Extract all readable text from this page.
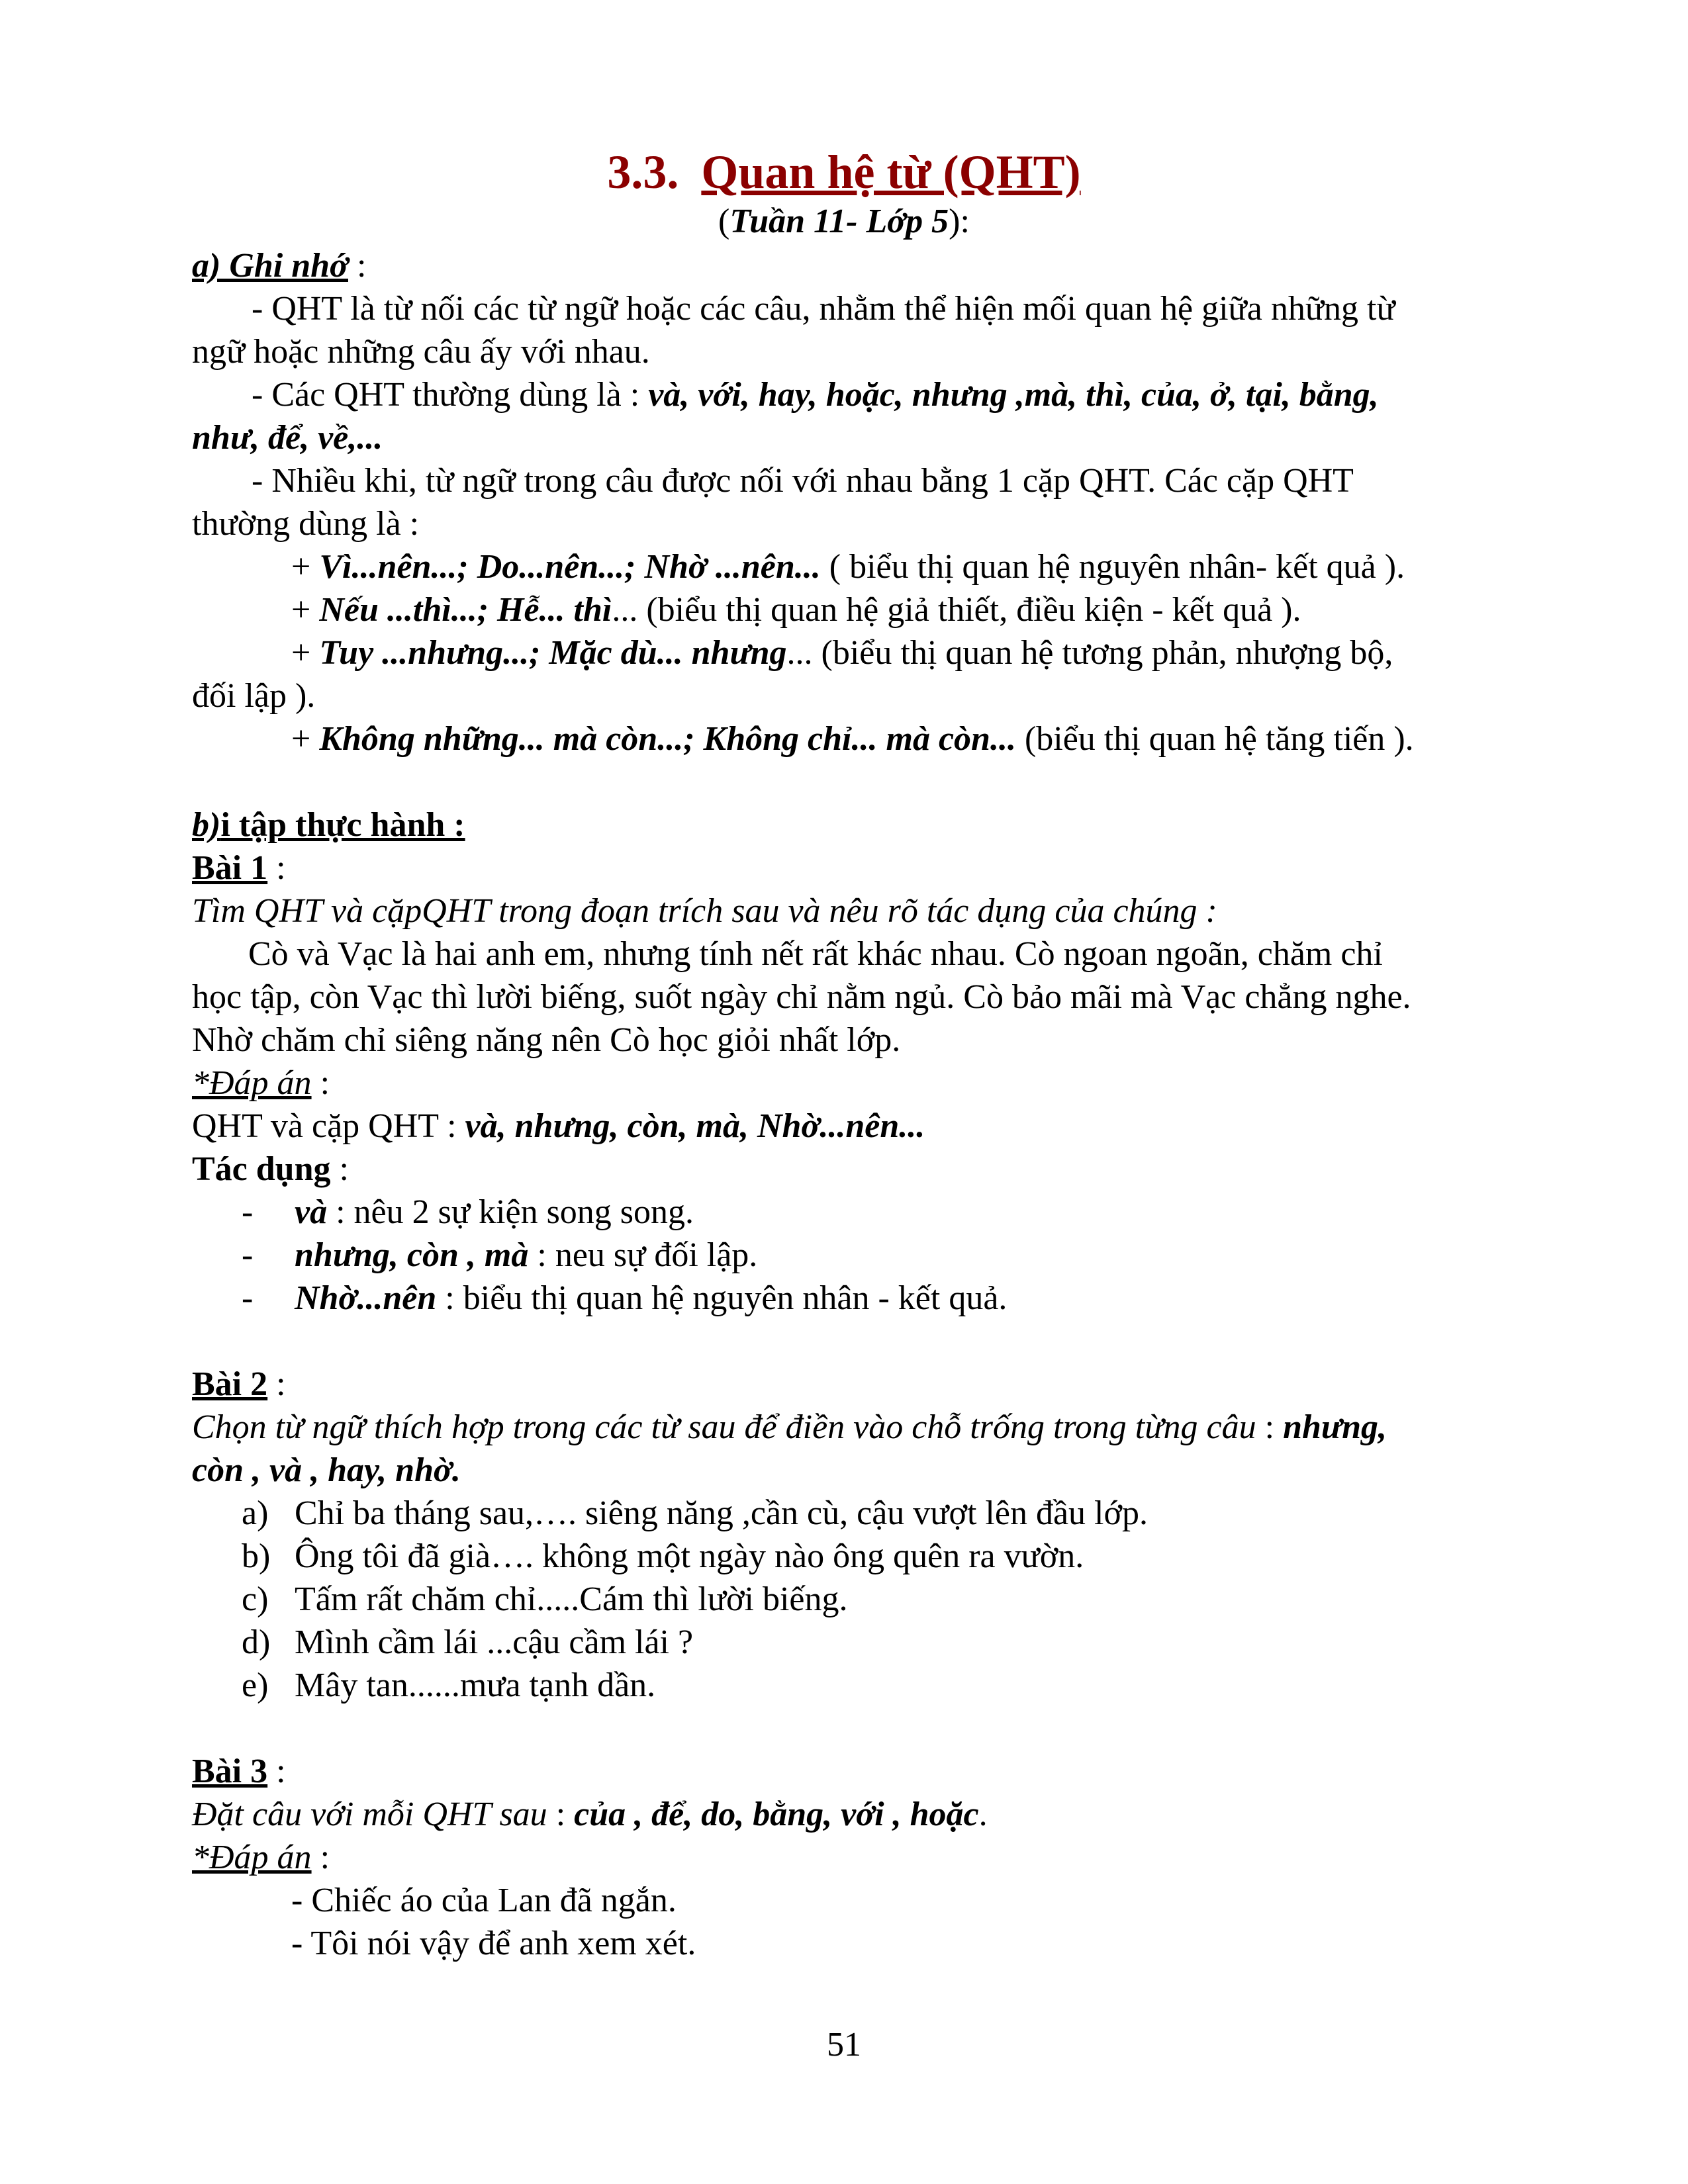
3.3. Quan hệ từ (QHT)
(Tuần 11- Lớp 5):
a) Ghi nhớ :
- QHT là từ nối các từ ngữ hoặc các câu, nhằm thể hiện mối quan hệ giữa những từ
ngữ hoặc những câu ấy với nhau.
- Các QHT thường dùng là : và, với, hay, hoặc, nhưng ,mà, thì, của, ở, tại, bằng,
như, để, về,...
- Nhiều khi, từ ngữ trong câu được nối với nhau bằng 1 cặp QHT. Các cặp QHT
thường dùng là :
+ Vì...nên...; Do...nên...; Nhờ ...nên... ( biểu thị quan hệ nguyên nhân- kết quả ).
+ Nếu ...thì...; Hễ... thì... (biểu thị quan hệ giả thiết, điều kiện - kết quả ).
+ Tuy ...nhưng...; Mặc dù... nhưng... (biểu thị quan hệ tương phản, nhượng bộ,
đối lập ).
+ Không những... mà còn...; Không chỉ... mà còn... (biểu thị quan hệ tăng tiến ).
b)i tập thực hành :
Bài 1 :
Tìm QHT và cặpQHT trong đoạn trích sau và nêu rõ tác dụng của chúng :
Cò và Vạc là hai anh em, nhưng tính nết rất khác nhau. Cò ngoan ngoãn, chăm chỉ
học tập, còn Vạc thì lười biếng, suốt ngày chỉ nằm ngủ. Cò bảo mãi mà Vạc chẳng nghe.
Nhờ chăm chỉ siêng năng nên Cò học giỏi nhất lớp.
*Đáp án :
QHT và cặp QHT : và, nhưng, còn, mà, Nhờ...nên...
Tác dụng :
- và : nêu 2 sự kiện song song.
- nhưng, còn , mà : neu sự đối lập.
- Nhờ...nên : biểu thị quan hệ nguyên nhân - kết quả.
Bài 2 :
Chọn từ ngữ thích hợp trong các từ sau để điền vào chỗ trống trong từng câu : nhưng,
còn , và , hay, nhờ.
a) Chỉ ba tháng sau,…. siêng năng ,cần cù, cậu vượt lên đầu lớp.
b) Ông tôi đã già…. không một ngày nào ông quên ra vườn.
c) Tấm rất chăm chỉ.....Cám thì lười biếng.
d) Mình cầm lái ...cậu cầm lái ?
e) Mây tan......mưa tạnh dần.
Bài 3 :
Đặt câu với mỗi QHT sau : của , để, do, bằng, với , hoặc.
*Đáp án :
- Chiếc áo của Lan đã ngắn.
- Tôi nói vậy để anh xem xét.
51
